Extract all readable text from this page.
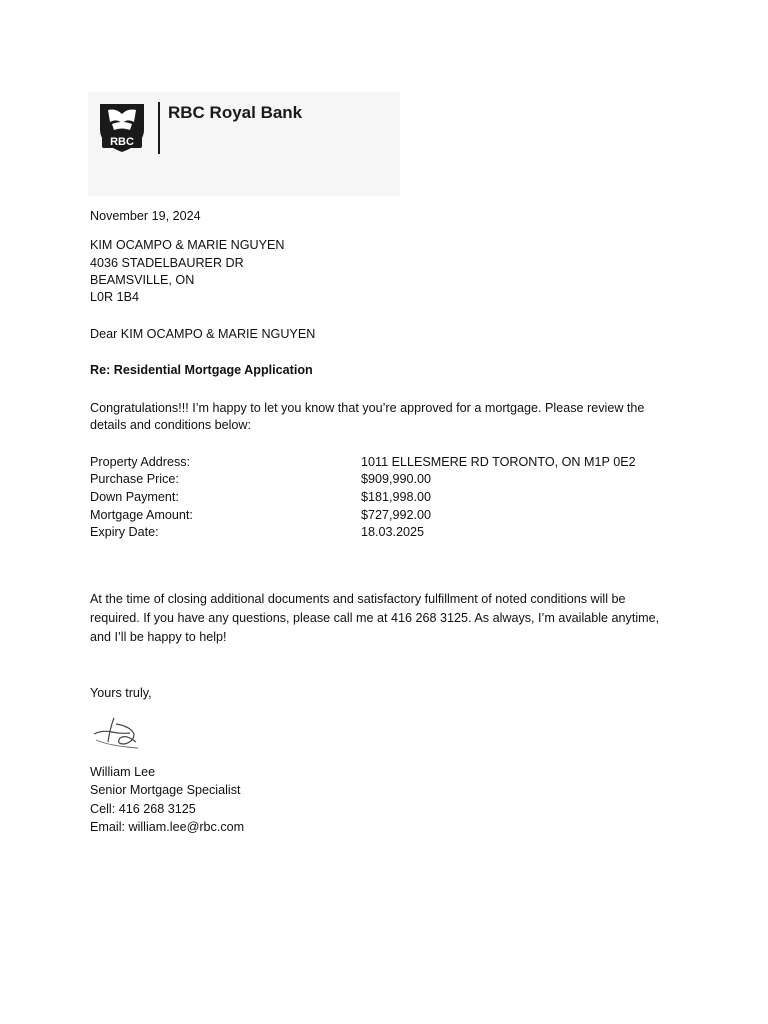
RBC
RBC Royal Bank
November 19, 2024
KIM OCAMPO & MARIE NGUYEN
4036 STADELBAURER DR
BEAMSVILLE, ON
L0R 1B4
Dear KIM OCAMPO & MARIE NGUYEN
Re: Residential Mortgage Application
Congratulations!!! I’m happy to let you know that you’re approved for a mortgage. Please review the details and conditions below:
Property Address:	1011 ELLESMERE RD TORONTO, ON M1P 0E2
Purchase Price:	$909,990.00
Down Payment:	$181,998.00
Mortgage Amount:	$727,992.00
Expiry Date:	18.03.2025
At the time of closing additional documents and satisfactory fulfillment of noted conditions will be required. If you have any questions, please call me at 416 268 3125. As always, I’m available anytime, and I’ll be happy to help!
Yours truly,
William Lee
Senior Mortgage Specialist
Cell: 416 268 3125
Email: william.lee@rbc.com
